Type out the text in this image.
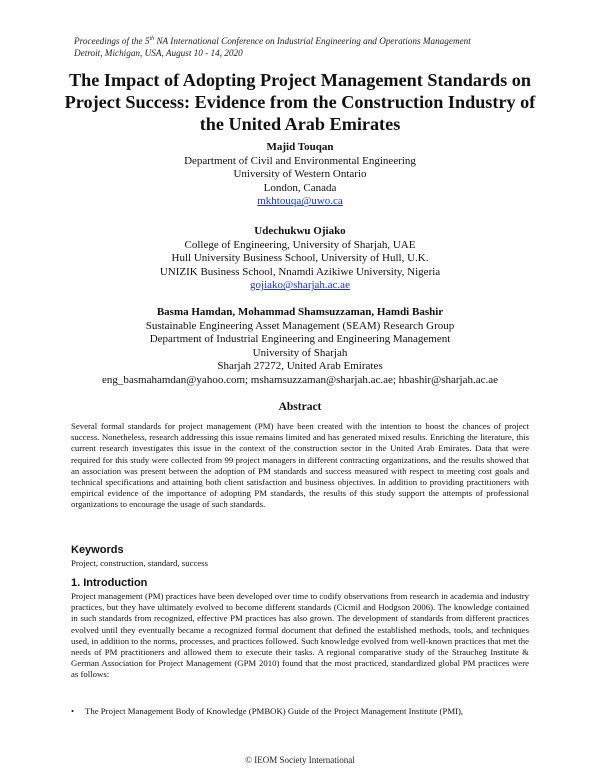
Proceedings of the 5th NA International Conference on Industrial Engineering and Operations Management
Detroit, Michigan, USA, August 10 - 14, 2020
The Impact of Adopting Project Management Standards on Project Success: Evidence from the Construction Industry of the United Arab Emirates
Majid Touqan
Department of Civil and Environmental Engineering
University of Western Ontario
London, Canada
mkhtouqa@uwo.ca
Udechukwu Ojiako
College of Engineering, University of Sharjah, UAE
Hull University Business School, University of Hull, U.K.
UNIZIK Business School, Nnamdi Azikiwe University, Nigeria
gojiako@sharjah.ac.ae
Basma Hamdan, Mohammad Shamsuzzaman, Hamdi Bashir
Sustainable Engineering Asset Management (SEAM) Research Group
Department of Industrial Engineering and Engineering Management
University of Sharjah
Sharjah 27272, United Arab Emirates
eng_basmahamdan@yahoo.com; mshamsuzzaman@sharjah.ac.ae; hbashir@sharjah.ac.ae
Abstract
Several formal standards for project management (PM) have been created with the intention to boost the chances of project success. Nonetheless, research addressing this issue remains limited and has generated mixed results. Enriching the literature, this current research investigates this issue in the context of the construction sector in the United Arab Emirates. Data that were required for this study were collected from 99 project managers in different contracting organizations, and the results showed that an association was present between the adoption of PM standards and success measured with respect to meeting cost goals and technical specifications and attaining both client satisfaction and business objectives. In addition to providing practitioners with empirical evidence of the importance of adopting PM standards, the results of this study support the attempts of professional organizations to encourage the usage of such standards.
Keywords
Project, construction, standard, success
1. Introduction
Project management (PM) practices have been developed over time to codify observations from research in academia and industry practices, but they have ultimately evolved to become different standards (Cicmil and Hodgson 2006). The knowledge contained in such standards from recognized, effective PM practices has also grown. The development of standards from different practices evolved until they eventually became a recognized formal document that defined the established methods, tools, and techniques used, in addition to the norms, processes, and practices followed. Such knowledge evolved from well-known practices that met the needs of PM practitioners and allowed them to execute their tasks. A regional comparative study of the Straucheg Institute & German Association for Project Management (GPM 2010) found that the most practiced, standardized global PM practices were as follows:
• The Project Management Body of Knowledge (PMBOK) Guide of the Project Management Institute (PMI),
© IEOM Society International
